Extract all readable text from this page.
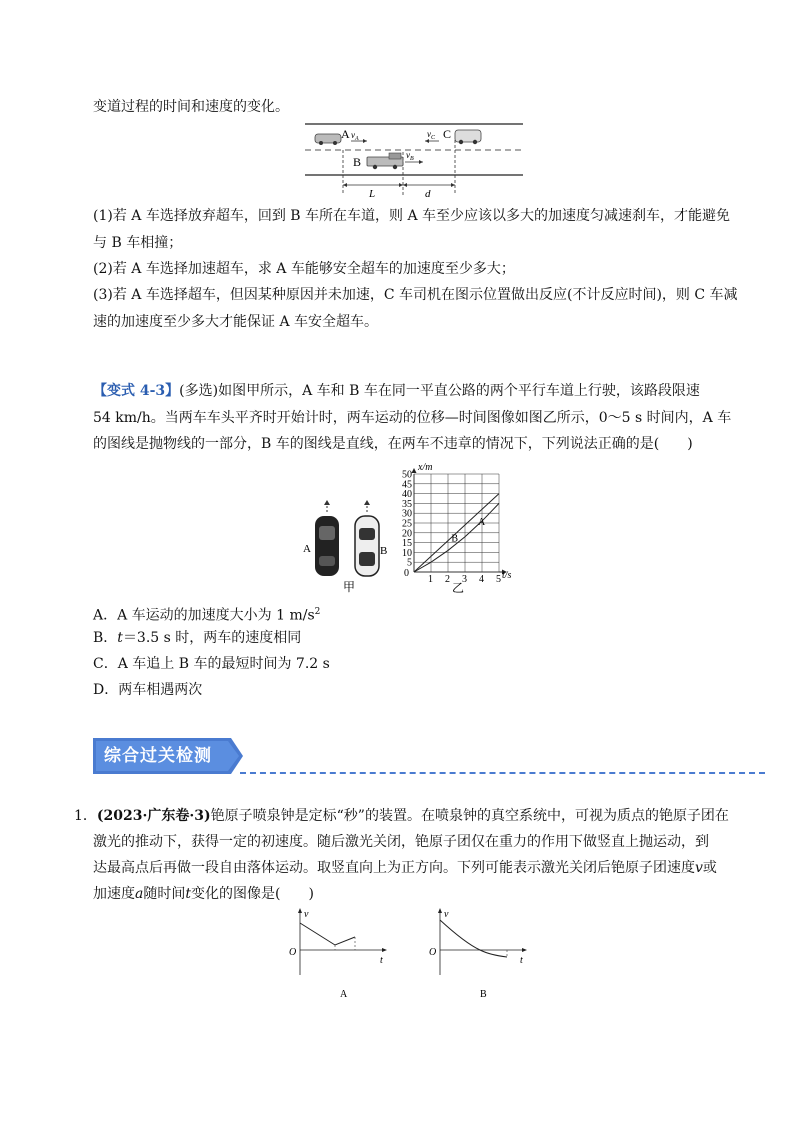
变道过程的时间和速度的变化。
A $v_A$	$v_C$ C
B	$v_B$
L	d
(1)若 A 车选择放弃超车，回到 B 车所在车道，则 A 车至少应该以多大的加速度匀减速刹车，才能避免
与 B 车相撞；
(2)若 A 车选择加速超车，求 A 车能够安全超车的加速度至少多大；
(3)若 A 车选择超车，但因某种原因并未加速，C 车司机在图示位置做出反应(不计反应时间)，则 C 车减
速的加速度至少多大才能保证 A 车安全超车。
【变式 4-3】(多选)如图甲所示，A 车和 B 车在同一平直公路的两个平行车道上行驶，该路段限速
54 km/h。当两车车头平齐时开始计时，两车运动的位移—时间图像如图乙所示，0～5 s 时间内，A 车
的图线是抛物线的一部分，B 车的图线是直线，在两车不违章的情况下，下列说法正确的是(　　)
A	B
甲
A
B
1 2 3 4 5
5
10
15
20
25
30
35
40
45
50
x/m
t/s
0
乙
A．A 车运动的加速度大小为 1 $m/s^2$
B．t＝3.5 s 时，两车的速度相同
C．A 车追上 B 车的最短时间为 7.2 s
D．两车相遇两次
综合过关检测
1．(2023·广东卷·3)铯原子喷泉钟是定标“秒”的装置。在喷泉钟的真空系统中，可视为质点的铯原子团在
激光的推动下，获得一定的初速度。随后激光关闭，铯原子团仅在重力的作用下做竖直上抛运动，到
达最高点后再做一段自由落体运动。取竖直向上为正方向。下列可能表示激光关闭后铯原子团速度v或
加速度a随时间t变化的图像是(　　)
v
t
O
A
v
t
O
B
